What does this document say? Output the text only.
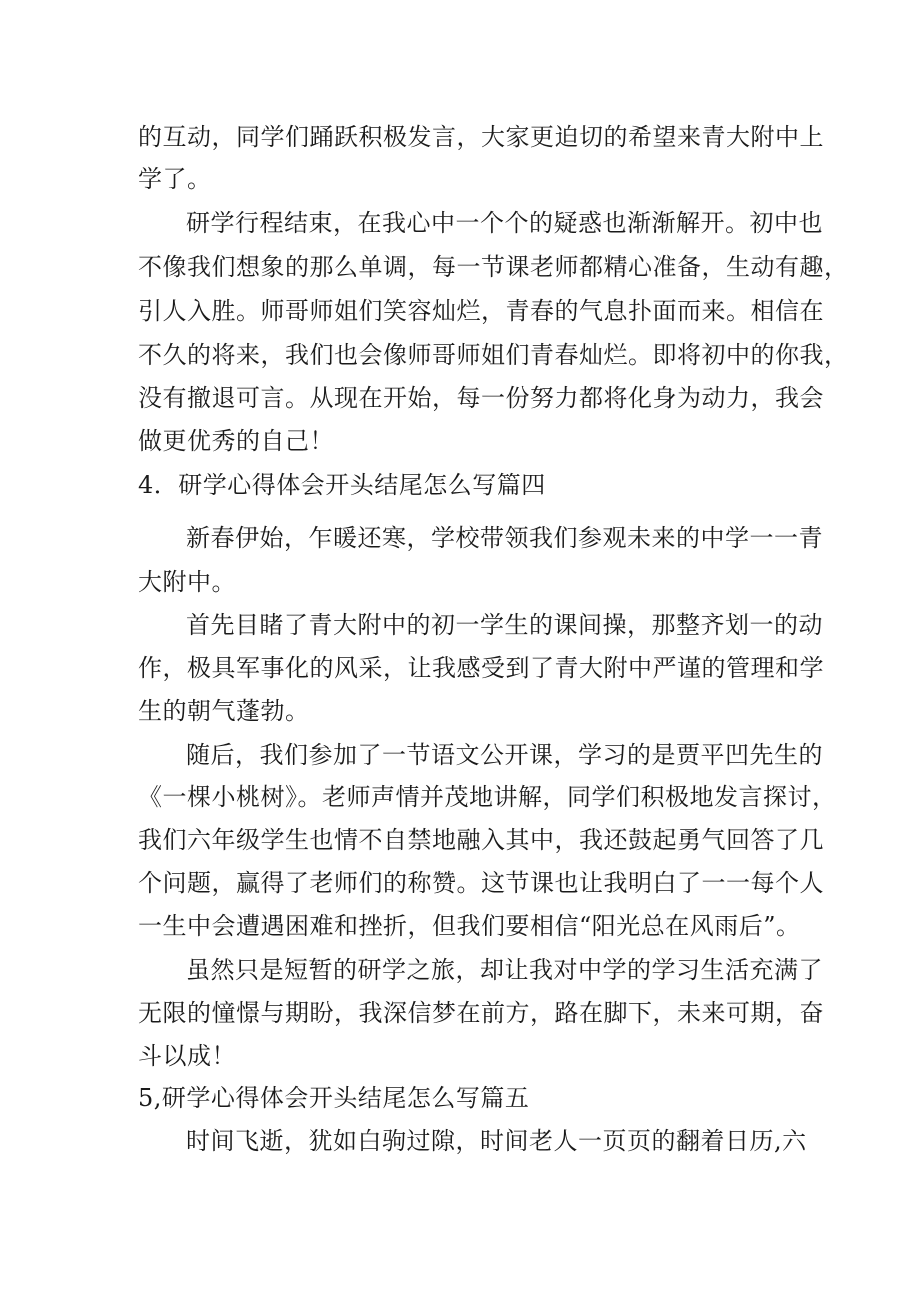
的互动，同学们踊跃积极发言，大家更迫切的希望来青大附中上
学了。
研学行程结束，在我心中一个个的疑惑也渐渐解开。初中也
不像我们想象的那么单调，每一节课老师都精心准备，生动有趣，
引人入胜。师哥师姐们笑容灿烂，青春的气息扑面而来。相信在
不久的将来，我们也会像师哥师姐们青春灿烂。即将初中的你我，
没有撤退可言。从现在开始，每一份努力都将化身为动力，我会
做更优秀的自己！
4．研学心得体会开头结尾怎么写篇四
新春伊始，乍暖还寒，学校带领我们参观未来的中学一一青
大附中。
首先目睹了青大附中的初一学生的课间操，那整齐划一的动
作，极具军事化的风采，让我感受到了青大附中严谨的管理和学
生的朝气蓬勃。
随后，我们参加了一节语文公开课，学习的是贾平凹先生的
《一棵小桃树》。老师声情并茂地讲解，同学们积极地发言探讨，
我们六年级学生也情不自禁地融入其中，我还鼓起勇气回答了几
个问题，赢得了老师们的称赞。这节课也让我明白了一一每个人
一生中会遭遇困难和挫折，但我们要相信“阳光总在风雨后”。
虽然只是短暂的研学之旅，却让我对中学的学习生活充满了
无限的憧憬与期盼，我深信梦在前方，路在脚下，未来可期，奋
斗以成！
5,研学心得体会开头结尾怎么写篇五
时间飞逝，犹如白驹过隙，时间老人一页页的翻着日历,六
